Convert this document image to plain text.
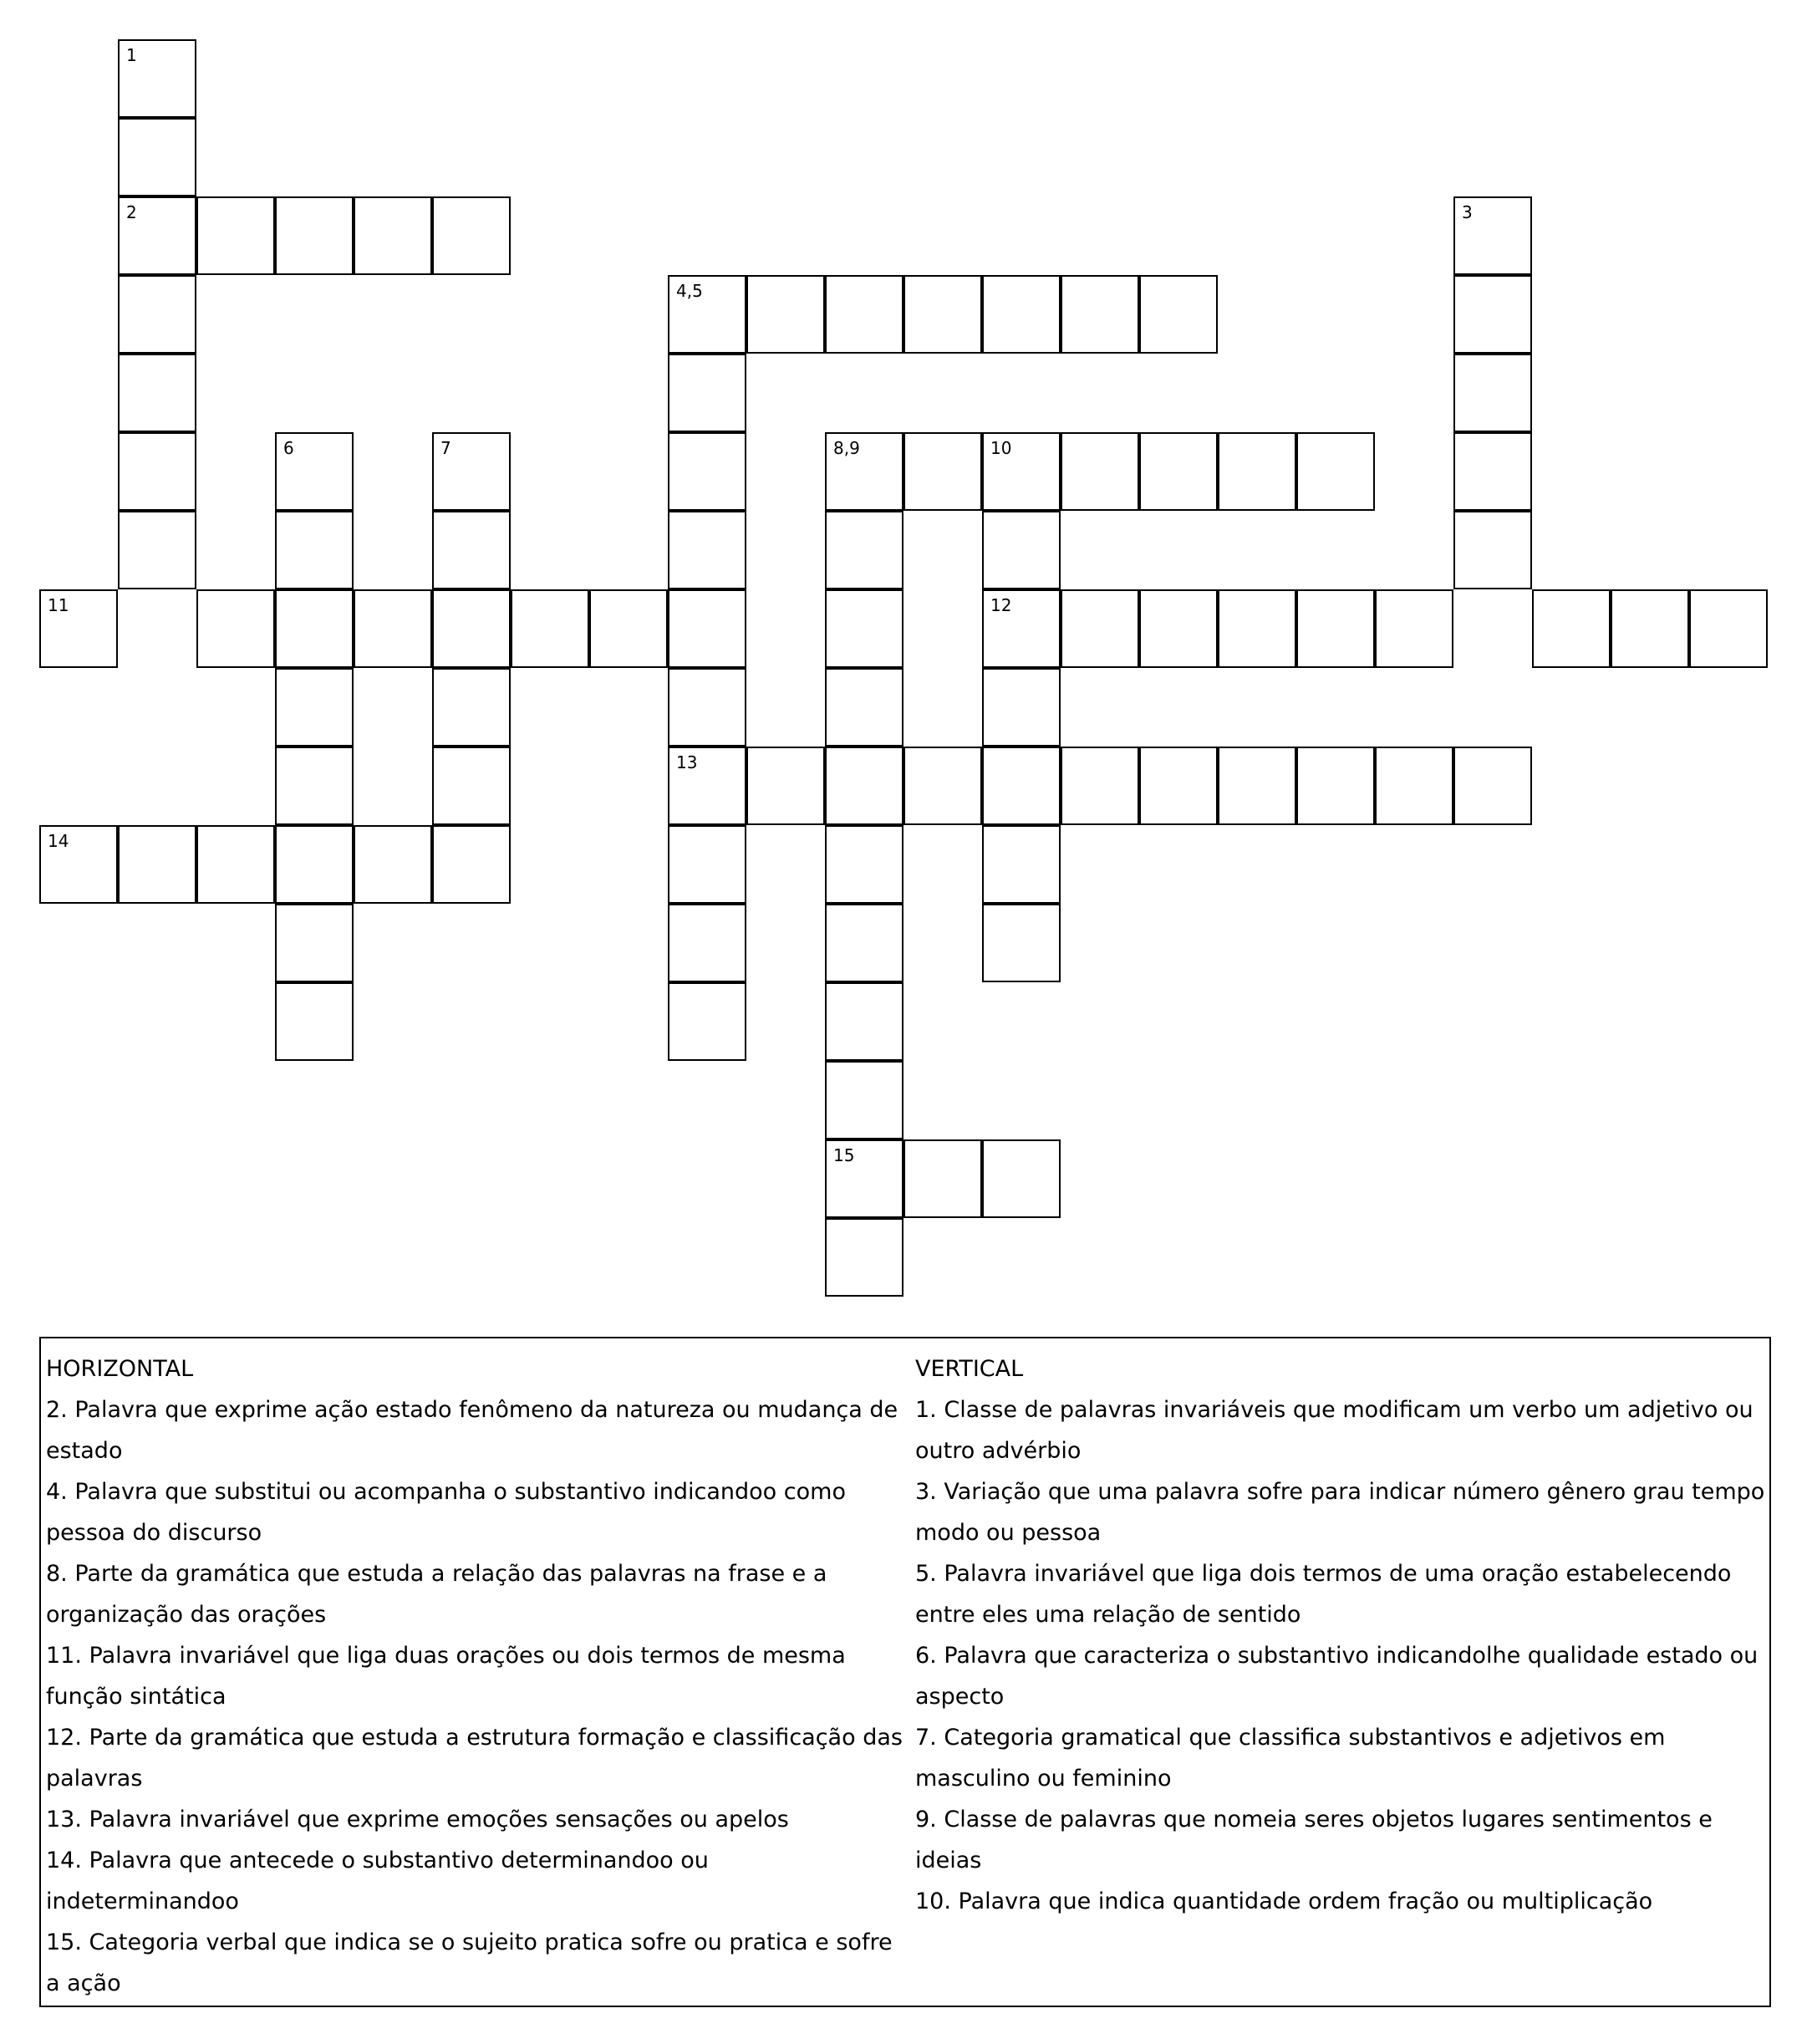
1
2
11
3
4,5
13
6	7	8,9	10
15
12
14
HORIZONTAL
2. Palavra que exprime ação estado fenômeno da natureza ou mudança de estado
4. Palavra que substitui ou acompanha o substantivo indicandoo como pessoa do discurso
8. Parte da gramática que estuda a relação das palavras na frase e a organização das orações
11. Palavra invariável que liga duas orações ou dois termos de mesma função sintática
12. Parte da gramática que estuda a estrutura formação e classificação das palavras
13. Palavra invariável que exprime emoções sensações ou apelos
14. Palavra que antecede o substantivo determinandoo ou indeterminandoo
15. Categoria verbal que indica se o sujeito pratica sofre ou pratica e sofre a ação
VERTICAL
1. Classe de palavras invariáveis que modificam um verbo um adjetivo ou outro advérbio
3. Variação que uma palavra sofre para indicar número gênero grau tempo modo ou pessoa
5. Palavra invariável que liga dois termos de uma oração estabelecendo entre eles uma relação de sentido
6. Palavra que caracteriza o substantivo indicandolhe qualidade estado ou aspecto
7. Categoria gramatical que classifica substantivos e adjetivos em masculino ou feminino
9. Classe de palavras que nomeia seres objetos lugares sentimentos e ideias
10. Palavra que indica quantidade ordem fração ou multiplicação
